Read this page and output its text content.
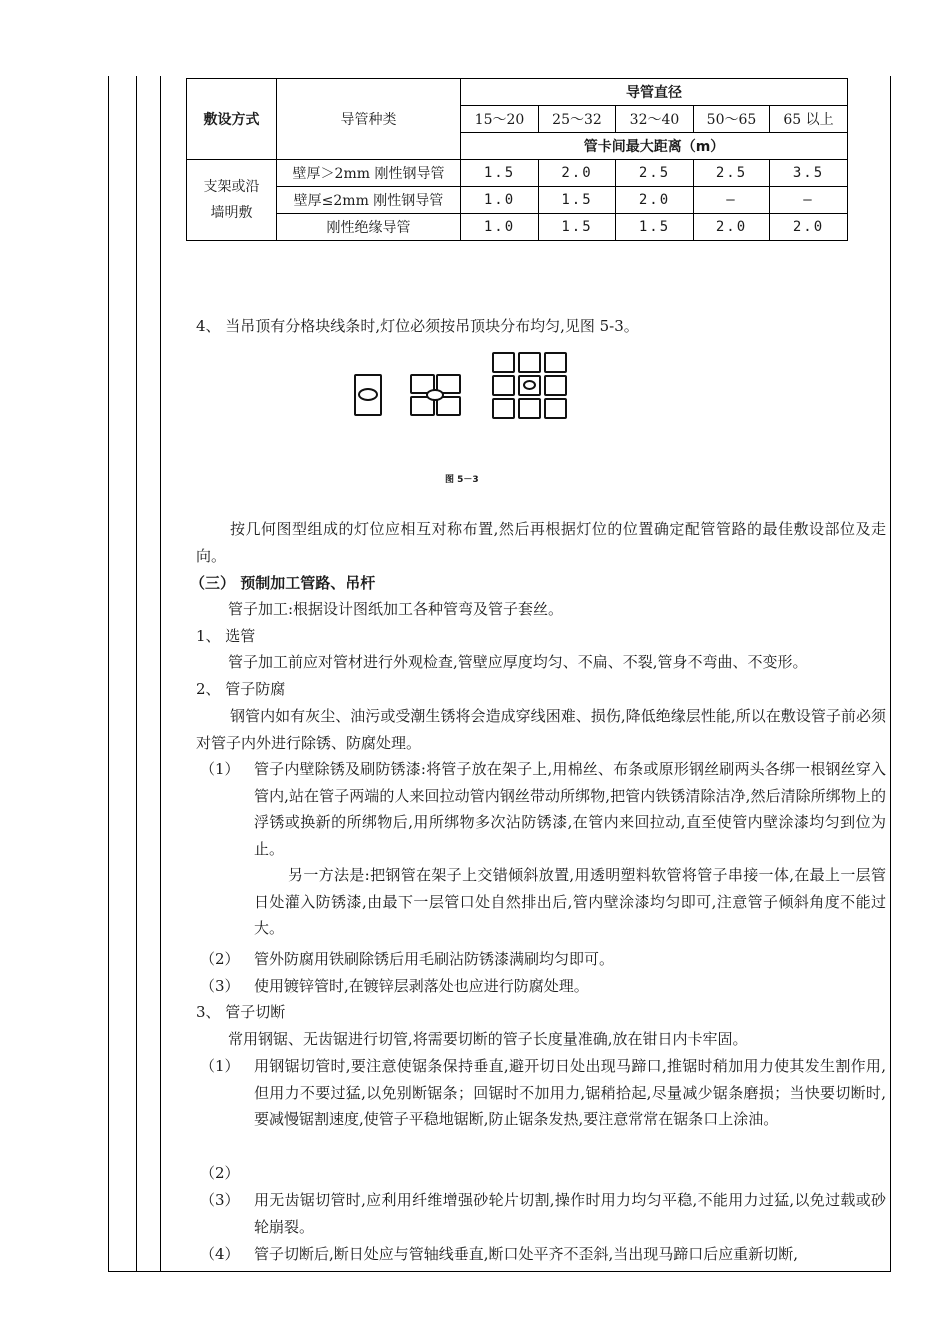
敷设方式	导管种类	导管直径				
		15～20	25～32	32～40	50～65	65 以上
		管卡间最大距离（m）				
支架或沿墙明敷	壁厚＞2mm 刚性钢导管	1.5	2.0	2.5	2.5	3.5
	壁厚≤2mm 刚性钢导管	1.0	1.5	2.0	—	—
	刚性绝缘导管	1.0	1.5	1.5	2.0	2.0
4、 当吊顶有分格块线条时,灯位必须按吊顶块分布均匀,见图 5-3。
图 5－3
按几何图型组成的灯位应相互对称布置,然后再根据灯位的位置确定配管管路的最佳敷设部位及走向。
（三） 预制加工管路、吊杆
管子加工:根据设计图纸加工各种管弯及管子套丝。
1、 选管
管子加工前应对管材进行外观检查,管壁应厚度均匀、不扁、不裂,管身不弯曲、不变形。
2、 管子防腐
钢管内如有灰尘、油污或受潮生锈将会造成穿线困难、损伤,降低绝缘层性能,所以在敷设管子前必须对管子内外进行除锈、防腐处理。
（1） 管子内壁除锈及刷防锈漆:将管子放在架子上,用棉丝、布条或原形钢丝刷两头各绑一根钢丝穿入管内,站在管子两端的人来回拉动管内钢丝带动所绑物,把管内铁锈清除洁净,然后清除所绑物上的浮锈或换新的所绑物后,用所绑物多次沾防锈漆,在管内来回拉动,直至使管内壁涂漆均匀到位为止。
另一方法是:把钢管在架子上交错倾斜放置,用透明塑料软管将管子串接一体,在最上一层管日处灌入防锈漆,由最下一层管口处自然排出后,管内壁涂漆均匀即可,注意管子倾斜角度不能过大。
（2） 管外防腐用铁刷除锈后用毛刷沾防锈漆满刷均匀即可。
（3） 使用镀锌管时,在镀锌层剥落处也应进行防腐处理。
3、 管子切断
常用钢锯、无齿锯进行切管,将需要切断的管子长度量准确,放在钳日内卡牢固。
（1） 用钢锯切管时,要注意使锯条保持垂直,避开切日处出现马蹄口,推锯时稍加用力使其发生割作用,但用力不要过猛,以免别断锯条；回锯时不加用力,锯稍拾起,尽量减少锯条磨损；当快要切断时,要减慢锯割速度,使管子平稳地锯断,防止锯条发热,要注意常常在锯条口上涂油。
（2）
（3） 用无齿锯切管时,应利用纤维增强砂轮片切割,操作时用力均匀平稳,不能用力过猛,以免过载或砂轮崩裂。
（4） 管子切断后,断日处应与管轴线垂直,断口处平齐不歪斜,当出现马蹄口后应重新切断,
